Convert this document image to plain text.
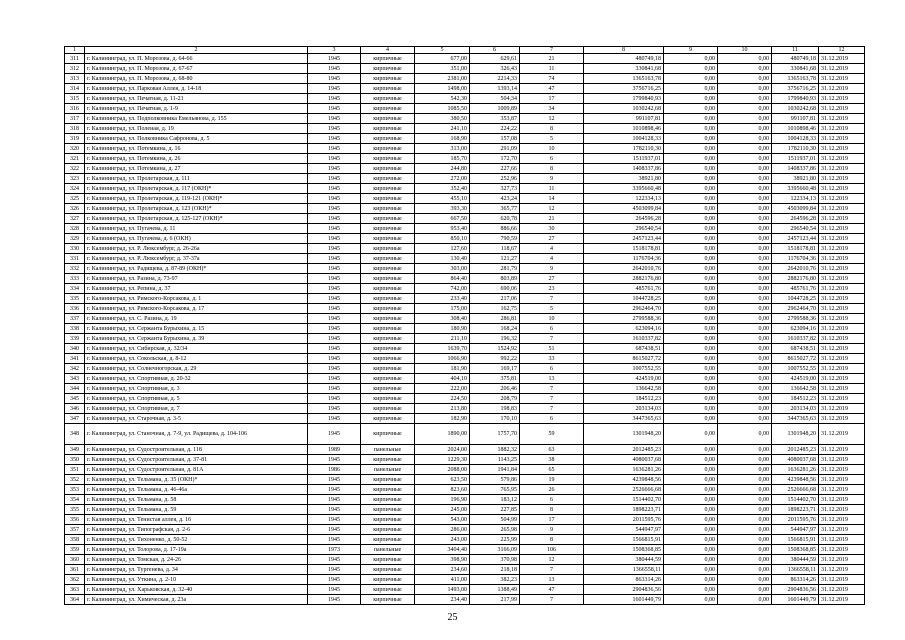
1	2	3	4	5	6	7	8	9	10	11	12
311	г. Калининград, ул. П. Морозова, д. 64-66	1945	кирпичные	677,00	629,61	21	480749,18	0,00	0,00	480749,18	31.12.2019
312	г. Калининград, ул. П. Морозова, д. 67-67	1945	кирпичные	351,00	326,43	11	330841,68	0,00	0,00	330841,68	31.12.2019
313	г. Калининград, ул. П. Морозова, д. 68-80	1945	кирпичные	2381,00	2214,33	74	1365163,78	0,00	0,00	1365163,78	31.12.2019
314	г. Калининград, ул. Парковая Аллея, д. 14-18	1945	кирпичные	1498,00	1393,14	47	3756716,25	0,00	0,00	3756716,25	31.12.2019
315	г. Калининград, ул. Печатная, д. 11-21	1945	кирпичные	542,30	504,34	17	1799840,93	0,00	0,00	1799840,93	31.12.2019
316	г. Калининград, ул. Печатная, д. 1-9	1945	кирпичные	1085,50	1009,89	34	1030242,68	0,00	0,00	1030242,68	31.12.2019
317	г. Калининград, ул. Подполковника Емельянова, д. 155	1945	кирпичные	380,50	353,87	12	991107,81	0,00	0,00	991107,81	31.12.2019
318	г. Калининград, ул. Поленая, д. 19	1945	кирпичные	241,10	224,22	8	1010898,46	0,00	0,00	1010898,46	31.12.2019
319	г. Калининград, ул. Полковника Сафронова, д. 5	1945	кирпичные	168,90	157,08	5	1004128,33	0,00	0,00	1004128,33	31.12.2019
320	г. Калининград, ул. Потемкина, д. 16	1945	кирпичные	313,00	291,09	10	1782110,30	0,00	0,00	1782110,30	31.12.2019
321	г. Калининград, ул. Потемкина, д. 26	1945	кирпичные	185,70	172,70	6	1511937,01	0,00	0,00	1511937,01	31.12.2019
322	г. Калининград, ул. Потемкина, д. 27	1945	кирпичные	244,80	227,66	8	1408337,86	0,00	0,00	1408337,86	31.12.2019
323	г. Калининград, ул. Пролетарская, д. 111	1945	кирпичные	272,00	252,96	9	38921,80	0,00	0,00	38921,80	31.12.2019
324	г. Калининград, ул. Пролетарская, д. 117 (ОКН)*	1945	кирпичные	352,40	327,73	11	3395660,48	0,00	0,00	3395660,48	31.12.2019
325	г. Калининград, ул. Пролетарская, д. 119-121 (ОКН)*	1945	кирпичные	455,10	423,24	14	122334,13	0,00	0,00	122334,13	31.12.2019
326	г. Калининград, ул. Пролетарская, д. 123 (ОКН)*	1945	кирпичные	393,30	365,77	12	4503099,84	0,00	0,00	4503099,84	31.12.2019
327	г. Калининград, ул. Пролетарская, д. 125-127 (ОКН)*	1945	кирпичные	667,50	620,78	21	264596,28	0,00	0,00	264596,28	31.12.2019
328	г. Калининград, ул. Пугачева, д. 11	1945	кирпичные	953,40	886,66	30	296540,54	0,00	0,00	296540,54	31.12.2019
329	г. Калининград, ул. Пугачева, д. 6 (ОКН)	1945	кирпичные	850,10	790,59	27	2457123,44	0,00	0,00	2457123,44	31.12.2019
330	г. Калининград, ул. Р. Люксембург, д. 26-26а	1945	кирпичные	127,60	118,67	4	1518178,81	0,00	0,00	1518178,81	31.12.2019
331	г. Калининград, ул. Р. Люксембург, д. 37-37а	1945	кирпичные	130,40	121,27	4	1176704,36	0,00	0,00	1176704,36	31.12.2019
332	г. Калининград, ул. Радищева, д. 87-89 (ОКН)*	1945	кирпичные	303,00	281,79	9	2642010,76	0,00	0,00	2642010,76	31.12.2019
333	г. Калининград, ул. Разина, д. 73-97	1945	кирпичные	864,40	803,89	27	2882176,80	0,00	0,00	2882176,80	31.12.2019
334	г. Калининград, ул. Репина, д. 37	1945	кирпичные	742,00	690,06	23	485761,76	0,00	0,00	485761,76	31.12.2019
335	г. Калининград, ул. Римского-Корсакова, д. 1	1945	кирпичные	233,40	217,06	7	1044728,25	0,00	0,00	1044728,25	31.12.2019
336	г. Калининград, ул. Римского-Корсакова, д. 17	1945	кирпичные	175,00	162,75	5	2962464,70	0,00	0,00	2962464,70	31.12.2019
337	г. Калининград, ул. С. Разина, д. 19	1945	кирпичные	308,40	286,81	10	2799588,36	0,00	0,00	2799588,36	31.12.2019
338	г. Калининград, ул. Сержанта Бурыхина, д. 15	1945	кирпичные	180,90	168,24	6	623094,16	0,00	0,00	623094,16	31.12.2019
339	г. Калининград, ул. Сержанта Бурыхина, д. 39	1945	кирпичные	211,10	196,32	7	1610337,82	0,00	0,00	1610337,82	31.12.2019
340	г. Калининград, ул. Сибирская, д. 32/34	1945	кирпичные	1639,70	1524,92	51	687438,51	0,00	0,00	687438,51	31.12.2019
341	г. Калининград, ул. Сокольская, д. 8-12	1945	кирпичные	1066,90	992,22	33	8615027,72	0,00	0,00	8615027,72	31.12.2019
342	г. Калининград, ул. Солнечногорская, д. 29	1945	кирпичные	181,90	169,17	6	1007552,55	0,00	0,00	1007552,55	31.12.2019
343	г. Калининград, ул. Спортивная, д. 20-32	1945	кирпичные	404,10	375,81	13	424519,00	0,00	0,00	424519,00	31.12.2019
344	г. Калининград, ул. Спортивная, д. 3	1945	кирпичные	222,00	206,46	7	136642,58	0,00	0,00	136642,58	31.12.2019
345	г. Калининград, ул. Спортивная, д. 5	1945	кирпичные	224,50	208,79	7	184512,23	0,00	0,00	184512,23	31.12.2019
346	г. Калининград, ул. Спортивная, д. 7	1945	кирпичные	213,80	198,83	7	203134,03	0,00	0,00	203134,03	31.12.2019
347	г. Калининград, ул. Старочная, д. 3-5	1945	кирпичные	182,90	170,10	6	3447365,63	0,00	0,00	3447365,63	31.12.2019
348	г. Калининград, ул. Станочная, д. 7-9, ул. Радищева, д. 104-106	1945	кирпичные	1890,00	1757,70	59	1301948,20	0,00	0,00	1301948,20	31.12.2019
349	г. Калининград, ул. Судостроительная, д. 118	1989	панельные	2024,00	1882,32	63	2012485,23	0,00	0,00	2012485,23	31.12.2019
350	г. Калининград, ул. Судостроительная, д. 37-81	1945	кирпичные	1229,30	1143,25	38	4080037,68	0,00	0,00	4080037,68	31.12.2019
351	г. Калининград, ул. Судостроительная, д. 81А	1986	панельные	2088,00	1941,84	65	1636281,26	0,00	0,00	1636281,26	31.12.2019
352	г. Калининград, ул. Тельмана, д. 35 (ОКН)*	1945	кирпичные	623,50	579,86	19	4239848,56	0,00	0,00	4239848,56	31.12.2019
353	г. Калининград, ул. Тельмана, д. 46-46а	1945	кирпичные	823,60	765,95	26	2526666,68	0,00	0,00	2526666,68	31.12.2019
354	г. Калининград, ул. Тельмана, д. 58	1945	кирпичные	196,90	183,12	6	1514402,70	0,00	0,00	1514402,70	31.12.2019
355	г. Калининград, ул. Тельмана, д. 59	1945	кирпичные	245,00	227,85	8	1898223,71	0,00	0,00	1898223,71	31.12.2019
356	г. Калининград, ул. Тенистая аллея, д. 16	1945	кирпичные	543,00	504,99	17	2011595,76	0,00	0,00	2011595,76	31.12.2019
357	г. Калининград, ул. Типографская, д. 2-6	1945	кирпичные	286,00	265,98	9	544947,97	0,00	0,00	544947,97	31.12.2019
358	г. Калининград, ул. Тихоненко, д. 50-52	1945	кирпичные	243,00	225,99	8	1566815,91	0,00	0,00	1566815,91	31.12.2019
359	г. Калининград, ул. Толорова, д. 17-19а	1973	панельные	3404,40	3166,09	106	1508368,85	0,00	0,00	1508368,85	31.12.2019
360	г. Калининград, ул. Томская, д. 24-26	1945	кирпичные	398,90	370,98	12	380444,59	0,00	0,00	380444,59	31.12.2019
361	г. Калининград, ул. Тургенева, д. 34	1945	кирпичные	234,60	218,18	7	1366558,11	0,00	0,00	1366558,11	31.12.2019
362	г. Калининград, ул. Уткина, д. 2-10	1945	кирпичные	411,00	382,23	13	863314,26	0,00	0,00	863314,26	31.12.2019
363	г. Калининград, ул. Харьковская, д. 32-40	1945	кирпичные	1493,00	1388,49	47	2904836,56	0,00	0,00	2904836,56	31.12.2019
364	г. Калининград, ул. Химическая, д. 23а	1945	кирпичные	234,40	217,99	7	1601449,79	0,00	0,00	1601449,79	31.12.2019
25
